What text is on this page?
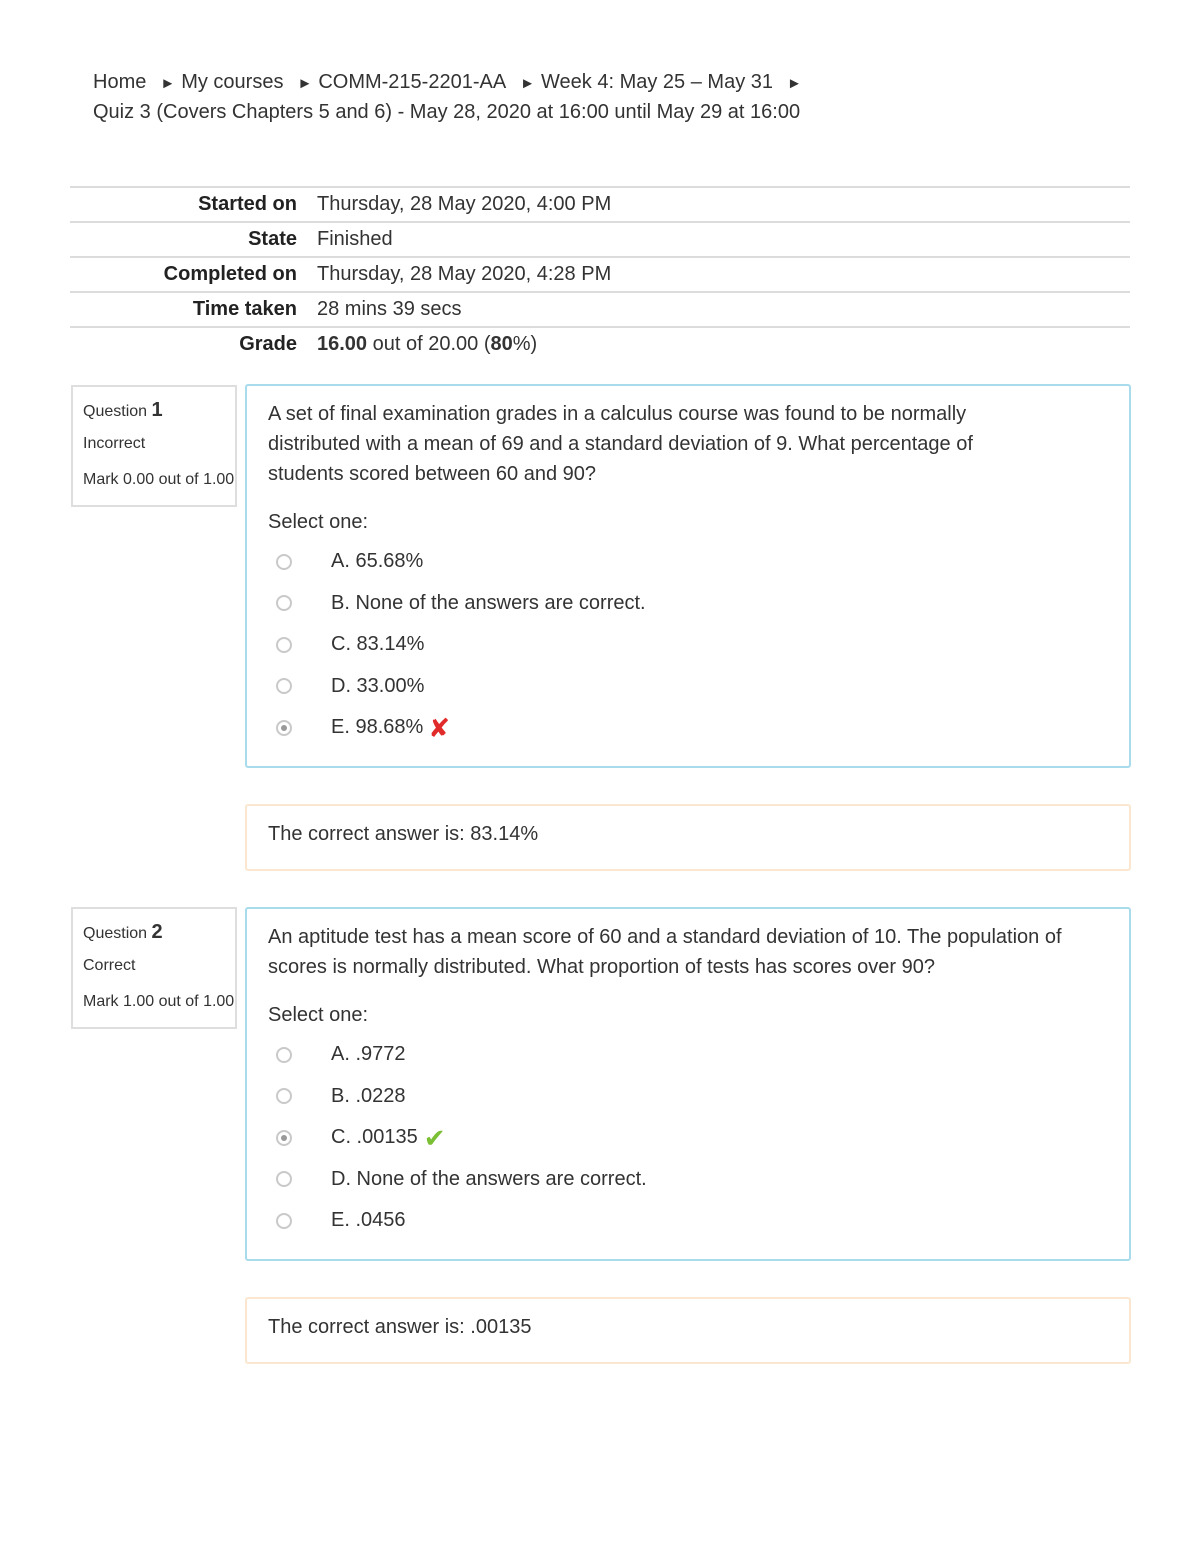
Home ► My courses ► COMM-215-2201-AA ► Week 4: May 25 – May 31 ►
Quiz 3 (Covers Chapters 5 and 6) - May 28, 2020 at 16:00 until May 29 at 16:00
Started on	Thursday, 28 May 2020, 4:00 PM
State	Finished
Completed on	Thursday, 28 May 2020, 4:28 PM
Time taken	28 mins 39 secs
Grade	16.00 out of 20.00 (80%)
Question 1
Incorrect
Mark 0.00 out of 1.00
A set of final examination grades in a calculus course was found to be normally distributed with a mean of 69 and a standard deviation of 9. What percentage of students scored between 60 and 90?
Select one:
A. 65.68%
B. None of the answers are correct.
C. 83.14%
D. 33.00%
E. 98.68% ✘
The correct answer is: 83.14%
Question 2
Correct
Mark 1.00 out of 1.00
An aptitude test has a mean score of 60 and a standard deviation of 10. The population of scores is normally distributed. What proportion of tests has scores over 90?
Select one:
A. .9772
B. .0228
C. .00135 ✔
D. None of the answers are correct.
E. .0456
The correct answer is: .00135
